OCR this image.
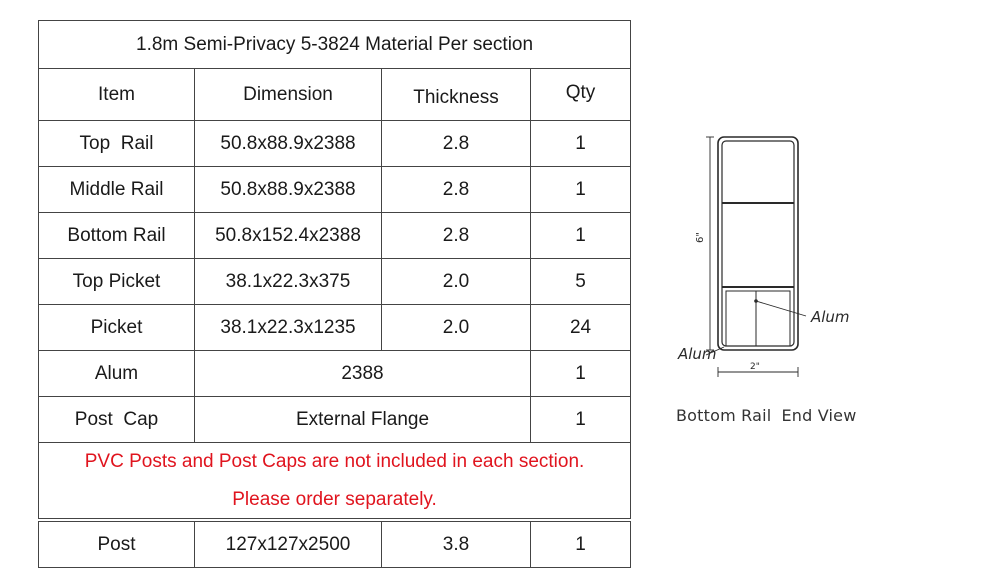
1.8m Semi-Privacy 5-3824 Material Per section			
Item	Dimension	Thickness	Qty
Top  Rail	50.8x88.9x2388	2.8	1
Middle Rail	50.8x88.9x2388	2.8	1
Bottom Rail	50.8x152.4x2388	2.8	1
Top Picket	38.1x22.3x375	2.0	5
Picket	38.1x22.3x1235	2.0	24
Alum	2388		1
Post  Cap	External Flange		1

PVC Posts and Post Caps are not included in each section.
Please order separately.			
Post	127x127x2500	3.8	1
6"
2"
Alum
Alum
Bottom Rail End View
